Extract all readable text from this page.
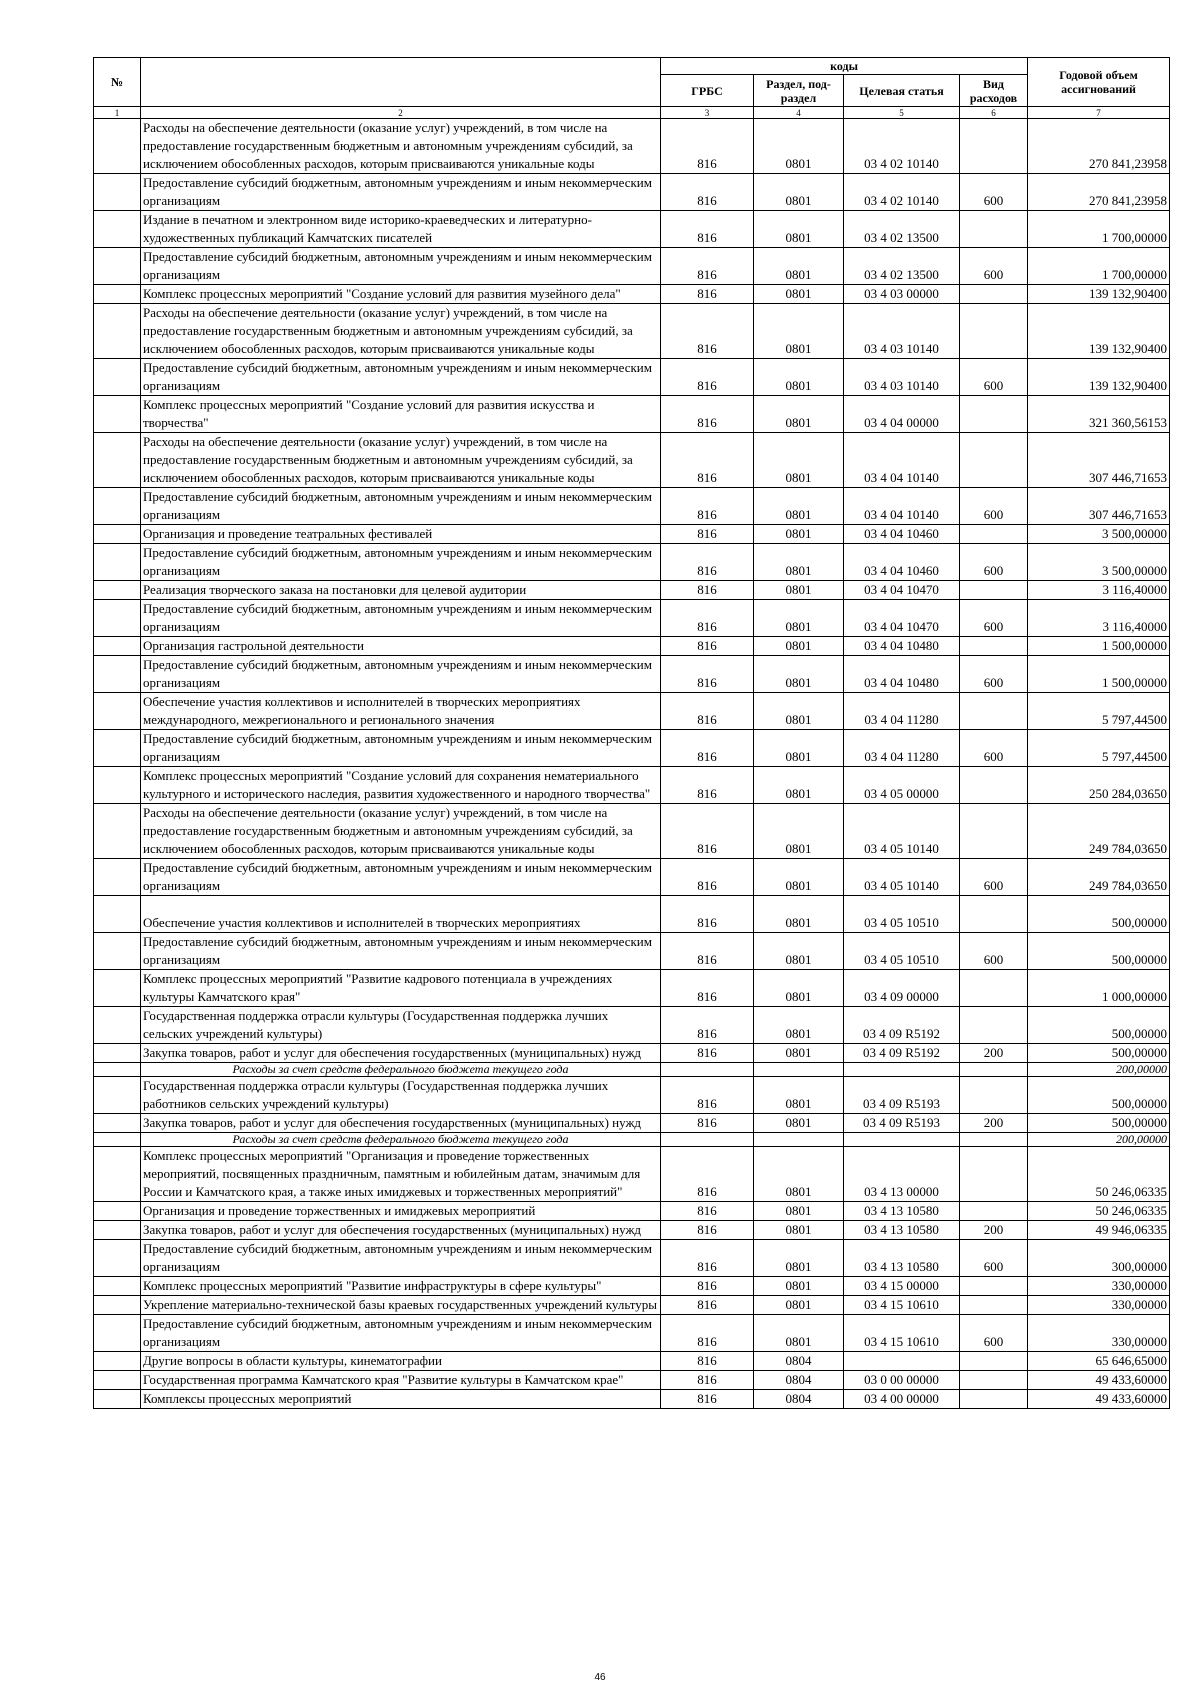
№		коды				Годовой объем ассигнований
		ГРБС	Раздел, под-раздел	Целевая статья	Вид расходов	
1	2	3	4	5	6	7
	Расходы на обеспечение деятельности (оказание услуг) учреждений, в том числе на предоставление государственным бюджетным и автономным учреждениям субсидий, за исключением обособленных расходов, которым присваиваются уникальные коды	816	0801	03 4 02 10140		270 841,23958
	Предоставление субсидий бюджетным, автономным учреждениям и иным некоммерческим организациям	816	0801	03 4 02 10140	600	270 841,23958
	Издание в печатном и электронном виде историко-краеведческих и литературно-художественных публикаций Камчатских писателей	816	0801	03 4 02 13500		1 700,00000
	Предоставление субсидий бюджетным, автономным учреждениям и иным некоммерческим организациям	816	0801	03 4 02 13500	600	1 700,00000
	Комплекс процессных мероприятий "Создание условий для развития музейного дела"	816	0801	03 4 03 00000		139 132,90400
	Расходы на обеспечение деятельности (оказание услуг) учреждений, в том числе на предоставление государственным бюджетным и автономным учреждениям субсидий, за исключением обособленных расходов, которым присваиваются уникальные коды	816	0801	03 4 03 10140		139 132,90400
	Предоставление субсидий бюджетным, автономным учреждениям и иным некоммерческим организациям	816	0801	03 4 03 10140	600	139 132,90400
	Комплекс процессных мероприятий "Создание условий для развития искусства и творчества"	816	0801	03 4 04 00000		321 360,56153
	Расходы на обеспечение деятельности (оказание услуг) учреждений, в том числе на предоставление государственным бюджетным и автономным учреждениям субсидий, за исключением обособленных расходов, которым присваиваются уникальные коды	816	0801	03 4 04 10140		307 446,71653
	Предоставление субсидий бюджетным, автономным учреждениям и иным некоммерческим организациям	816	0801	03 4 04 10140	600	307 446,71653
	Организация и проведение театральных фестивалей	816	0801	03 4 04 10460		3 500,00000
	Предоставление субсидий бюджетным, автономным учреждениям и иным некоммерческим организациям	816	0801	03 4 04 10460	600	3 500,00000
	Реализация творческого заказа на постановки для целевой аудитории	816	0801	03 4 04 10470		3 116,40000
	Предоставление субсидий бюджетным, автономным учреждениям и иным некоммерческим организациям	816	0801	03 4 04 10470	600	3 116,40000
	Организация гастрольной деятельности	816	0801	03 4 04 10480		1 500,00000
	Предоставление субсидий бюджетным, автономным учреждениям и иным некоммерческим организациям	816	0801	03 4 04 10480	600	1 500,00000
	Обеспечение участия коллективов и исполнителей в творческих мероприятиях международного, межрегионального и регионального значения	816	0801	03 4 04 11280		5 797,44500
	Предоставление субсидий бюджетным, автономным учреждениям и иным некоммерческим организациям	816	0801	03 4 04 11280	600	5 797,44500
	Комплекс процессных мероприятий "Создание условий для сохранения нематериального культурного и исторического наследия, развития художественного и народного творчества"	816	0801	03 4 05 00000		250 284,03650
	Расходы на обеспечение деятельности (оказание услуг) учреждений, в том числе на предоставление государственным бюджетным и автономным учреждениям субсидий, за исключением обособленных расходов, которым присваиваются уникальные коды	816	0801	03 4 05 10140		249 784,03650
	Предоставление субсидий бюджетным, автономным учреждениям и иным некоммерческим организациям	816	0801	03 4 05 10140	600	249 784,03650
	Обеспечение участия коллективов и исполнителей в творческих мероприятиях	816	0801	03 4 05 10510		500,00000
	Предоставление субсидий бюджетным, автономным учреждениям и иным некоммерческим организациям	816	0801	03 4 05 10510	600	500,00000
	Комплекс процессных мероприятий "Развитие кадрового потенциала в учреждениях культуры Камчатского края"	816	0801	03 4 09 00000		1 000,00000
	Государственная поддержка отрасли культуры (Государственная поддержка лучших сельских учреждений культуры)	816	0801	03 4 09 R5192		500,00000
	Закупка товаров, работ и услуг для обеспечения государственных (муниципальных) нужд	816	0801	03 4 09 R5192	200	500,00000
	Расходы за счет средств федерального бюджета текущего года					200,00000
	Государственная поддержка отрасли культуры (Государственная поддержка лучших работников сельских учреждений культуры)	816	0801	03 4 09 R5193		500,00000
	Закупка товаров, работ и услуг для обеспечения государственных (муниципальных) нужд	816	0801	03 4 09 R5193	200	500,00000
	Расходы за счет средств федерального бюджета текущего года					200,00000
	Комплекс процессных мероприятий "Организация и проведение торжественных мероприятий, посвященных праздничным, памятным и юбилейным датам, значимым для России и Камчатского края, а также иных имиджевых и торжественных мероприятий"	816	0801	03 4 13 00000		50 246,06335
	Организация и проведение торжественных и имиджевых мероприятий	816	0801	03 4 13 10580		50 246,06335
	Закупка товаров, работ и услуг для обеспечения государственных (муниципальных) нужд	816	0801	03 4 13 10580	200	49 946,06335
	Предоставление субсидий бюджетным, автономным учреждениям и иным некоммерческим организациям	816	0801	03 4 13 10580	600	300,00000
	Комплекс процессных мероприятий "Развитие инфраструктуры в сфере культуры"	816	0801	03 4 15 00000		330,00000
	Укрепление материально-технической базы краевых государственных учреждений культуры	816	0801	03 4 15 10610		330,00000
	Предоставление субсидий бюджетным, автономным учреждениям и иным некоммерческим организациям	816	0801	03 4 15 10610	600	330,00000
	Другие вопросы в области культуры, кинематографии	816	0804			65 646,65000
	Государственная программа Камчатского края "Развитие культуры в Камчатском крае"	816	0804	03 0 00 00000		49 433,60000
	Комплексы процессных мероприятий	816	0804	03 4 00 00000		49 433,60000
46
